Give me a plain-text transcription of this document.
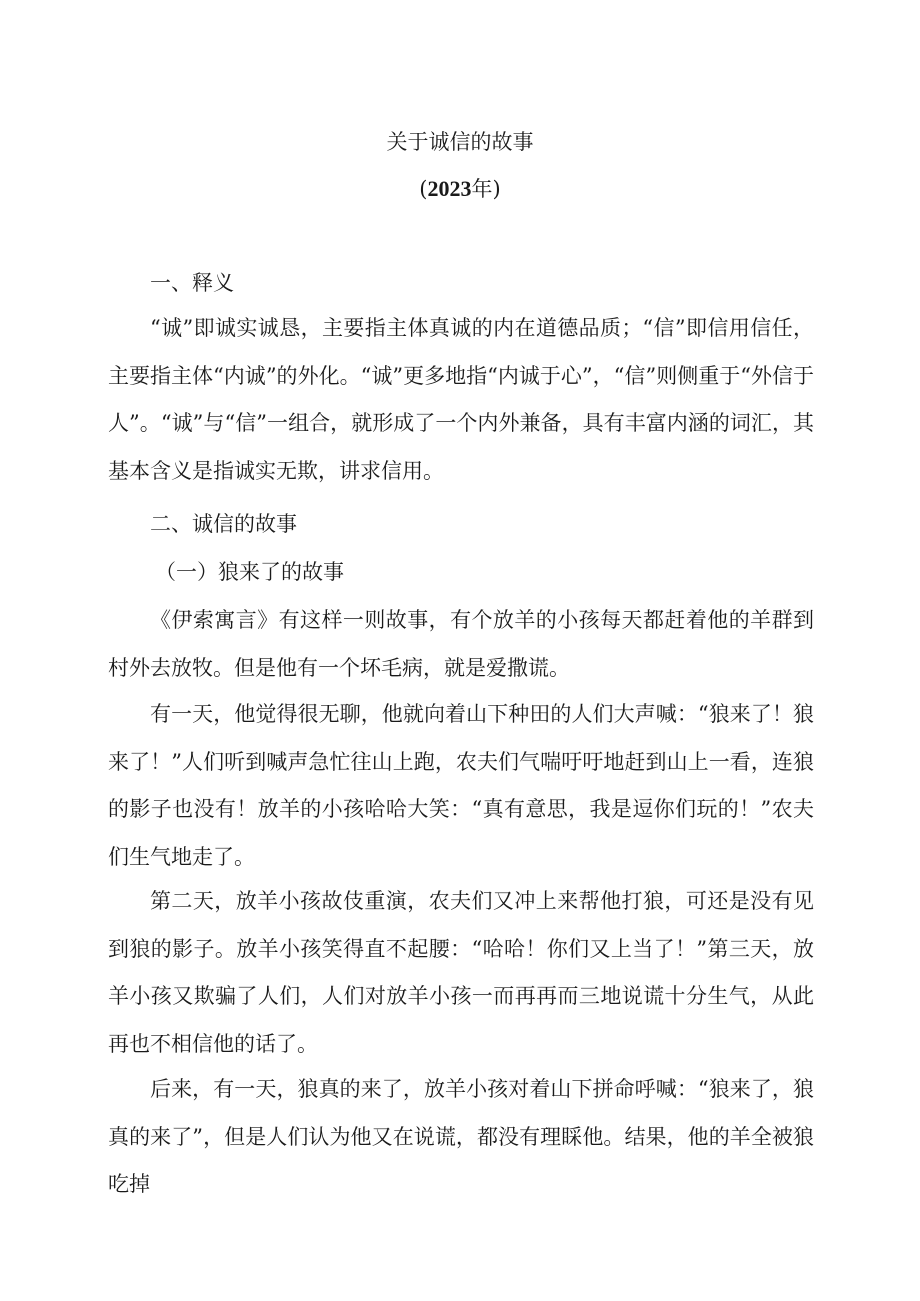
关于诚信的故事
(2023年)
一、释义

“诚”即诚实诚恳，主要指主体真诚的内在道德品质；“信”即信用信任，主要指主体“内诚”的外化。“诚”更多地指“内诚于心”，“信”则侧重于“外信于人”。“诚”与“信”一组合，就形成了一个内外兼备，具有丰富内涵的词汇，其基本含义是指诚实无欺，讲求信用。

二、诚信的故事
（一）狼来了的故事

《伊索寓言》有这样一则故事，有个放羊的小孩每天都赶着他的羊群到村外去放牧。但是他有一个坏毛病，就是爱撒谎。

有一天，他觉得很无聊，他就向着山下种田的人们大声喊：“狼来了！狼来了！”人们听到喊声急忙往山上跑，农夫们气喘吁吁地赶到山上一看，连狼的影子也没有！放羊的小孩哈哈大笑：“真有意思，我是逗你们玩的！”农夫们生气地走了。

第二天，放羊小孩故伎重演，农夫们又冲上来帮他打狼，可还是没有见到狼的影子。放羊小孩笑得直不起腰：“哈哈！你们又上当了！”第三天，放羊小孩又欺骗了人们，人们对放羊小孩一而再再而三地说谎十分生气，从此再也不相信他的话了。

后来，有一天，狼真的来了，放羊小孩对着山下拼命呼喊：“狼来了，狼真的来了”，但是人们认为他又在说谎，都没有理睬他。结果，他的羊全被狼吃掉
